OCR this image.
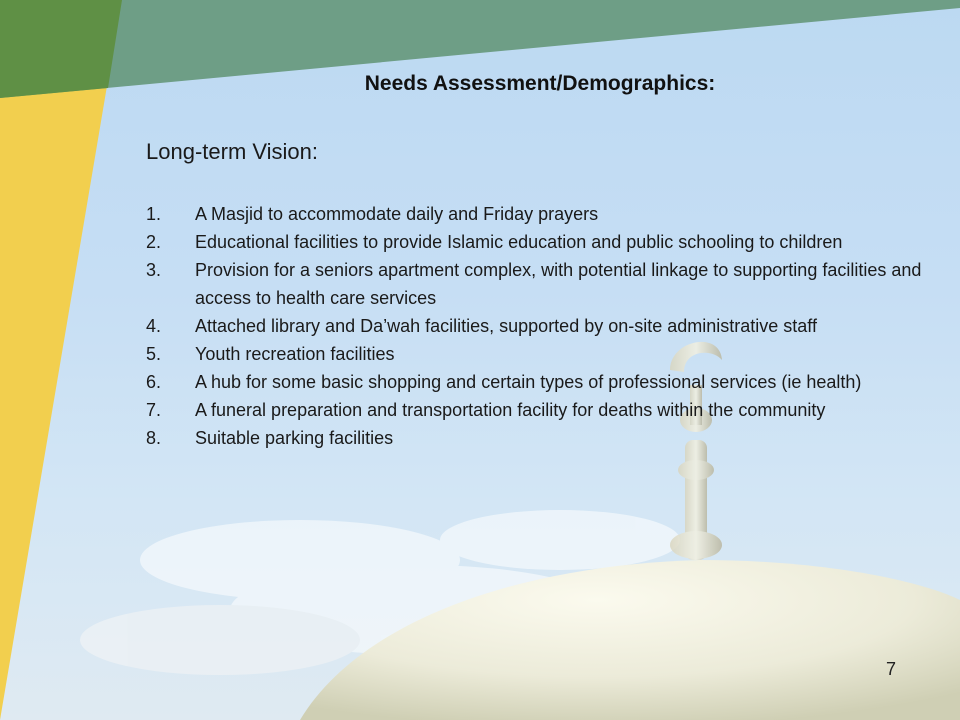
Needs Assessment/Demographics:
Long-term Vision:
1. A Masjid to accommodate daily and Friday prayers
2. Educational facilities to provide Islamic education and public schooling to children
3. Provision for a seniors apartment complex, with potential linkage to supporting facilities and access to health care services
4. Attached library and Da’wah facilities, supported by on-site administrative staff
5. Youth recreation facilities
6. A hub for some basic shopping and certain types of professional services (ie health)
7. A funeral preparation and transportation facility for deaths within the community
8. Suitable parking facilities
7
